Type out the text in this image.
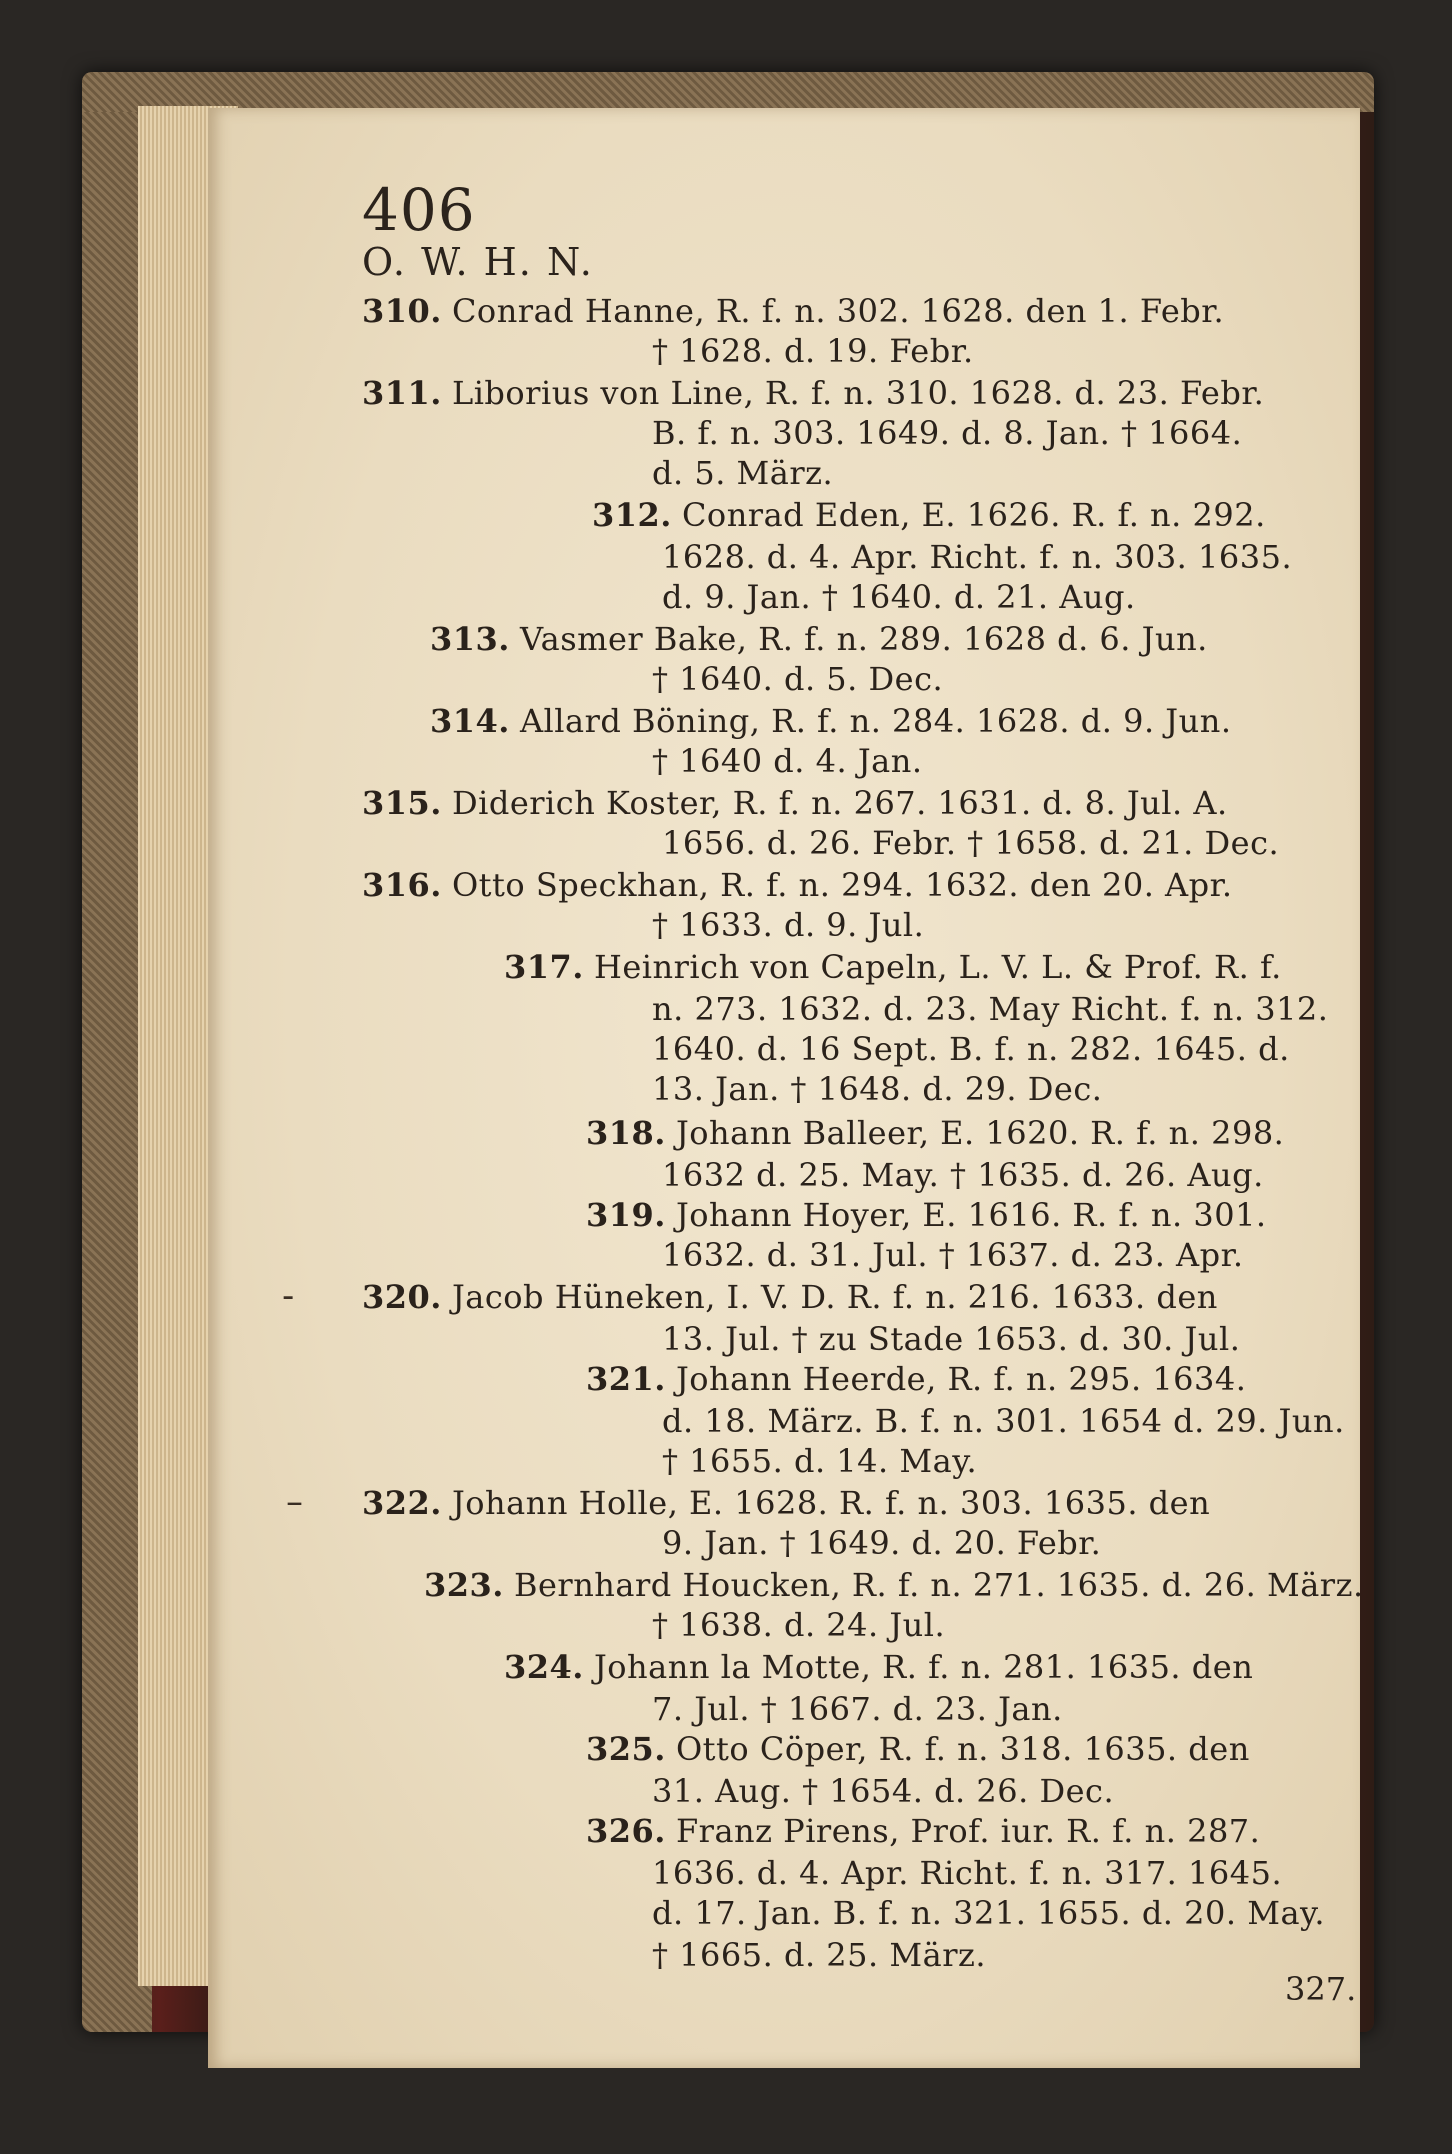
406
O. W. H. N.
310. Conrad Hanne, R. f. n. 302. 1628. den 1. Febr.
† 1628. d. 19. Febr.
311. Liborius von Line, R. f. n. 310. 1628. d. 23. Febr.
B. f. n. 303. 1649. d. 8. Jan. † 1664.
d. 5. März.
312. Conrad Eden, E. 1626. R. f. n. 292.
1628. d. 4. Apr. Richt. f. n. 303. 1635.
d. 9. Jan. † 1640. d. 21. Aug.
313. Vasmer Bake, R. f. n. 289. 1628 d. 6. Jun.
† 1640. d. 5. Dec.
314. Allard Böning, R. f. n. 284. 1628. d. 9. Jun.
† 1640 d. 4. Jan.
315. Diderich Koster, R. f. n. 267. 1631. d. 8. Jul. A.
1656. d. 26. Febr. † 1658. d. 21. Dec.
316. Otto Speckhan, R. f. n. 294. 1632. den 20. Apr.
† 1633. d. 9. Jul.
317. Heinrich von Capeln, L. V. L. & Prof. R. f.
n. 273. 1632. d. 23. May Richt. f. n. 312.
1640. d. 16 Sept. B. f. n. 282. 1645. d.
13. Jan. † 1648. d. 29. Dec.
318. Johann Balleer, E. 1620. R. f. n. 298.
1632 d. 25. May. † 1635. d. 26. Aug.
319. Johann Hoyer, E. 1616. R. f. n. 301.
1632. d. 31. Jul. † 1637. d. 23. Apr.
- 320. Jacob Hüneken, I. V. D. R. f. n. 216. 1633. den
13. Jul. † zu Stade 1653. d. 30. Jul.
321. Johann Heerde, R. f. n. 295. 1634.
d. 18. März. B. f. n. 301. 1654 d. 29. Jun.
† 1655. d. 14. May.
– 322. Johann Holle, E. 1628. R. f. n. 303. 1635. den
9. Jan. † 1649. d. 20. Febr.
323. Bernhard Houcken, R. f. n. 271. 1635. d. 26. März.
† 1638. d. 24. Jul.
324. Johann la Motte, R. f. n. 281. 1635. den
7. Jul. † 1667. d. 23. Jan.
325. Otto Cöper, R. f. n. 318. 1635. den
31. Aug. † 1654. d. 26. Dec.
326. Franz Pirens, Prof. iur. R. f. n. 287.
1636. d. 4. Apr. Richt. f. n. 317. 1645.
d. 17. Jan. B. f. n. 321. 1655. d. 20. May.
† 1665. d. 25. März.
327.
